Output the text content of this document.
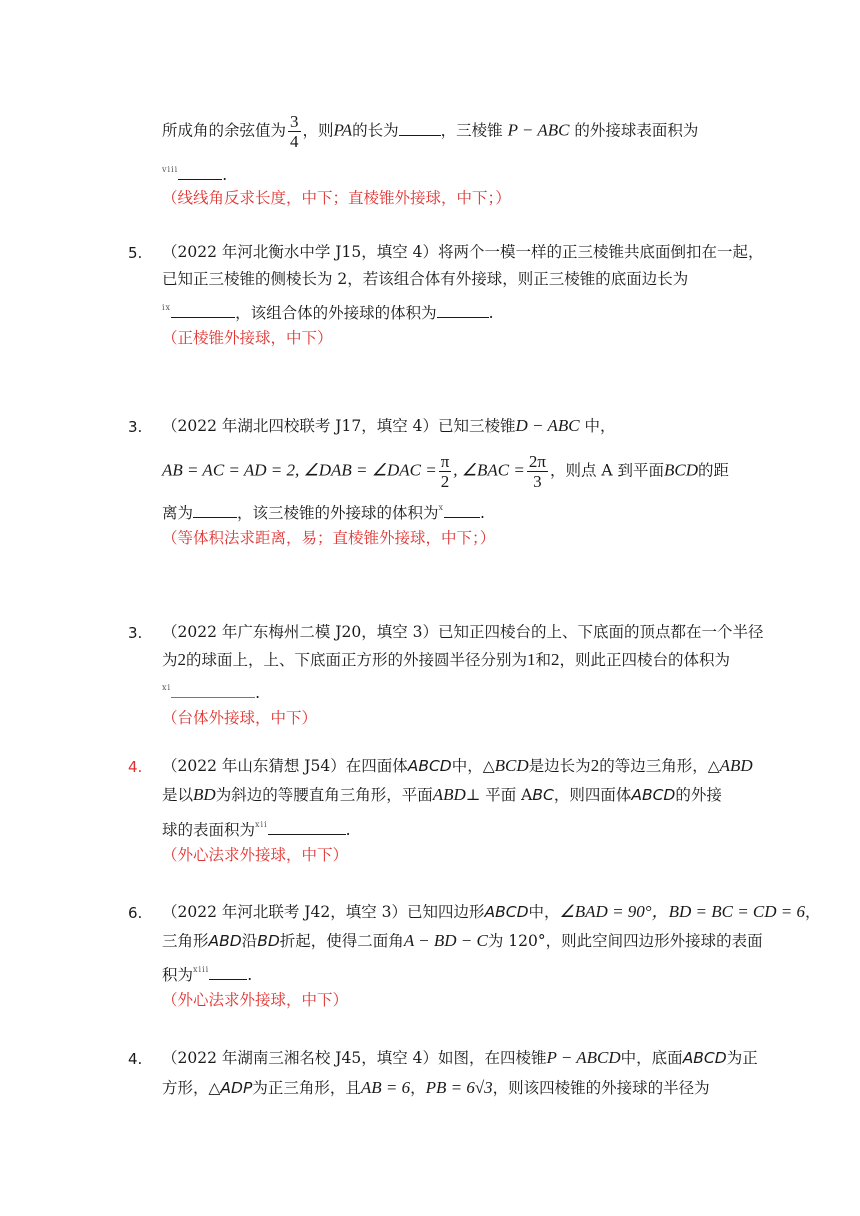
所成角的余弦值为 $\frac{3}{4}$ ，则PA的长为	，三棱锥 P − ABC 的外接球表面积为
$^{viii}$	.
（线线角反求长度，中下；直棱锥外接球，中下；）
5. （2022 年河北衡水中学 J15，填空 4）将两个一模一样的正三棱锥共底面倒扣在一起，
已知正三棱锥的侧棱长为 2，若该组合体有外接球，则正三棱锥的底面边长为
$^{ix}$	，该组合体的外接球的体积为	.
（正棱锥外接球，中下）
3. （2022 年湖北四校联考 J17，填空 4）已知三棱锥D − ABC 中，
AB = AC = AD = 2, ∠DAB = ∠DAC = $\frac{\pi}{2}$ , ∠BAC = $\frac{2\pi}{3}$ ，则点 A 到平面BCD的距
离为	，该三棱锥的外接球的体积为$^x$ .
（等体积法求距离，易；直棱锥外接球，中下；）
3. （2022 年广东梅州二模 J20，填空 3）已知正四棱台的上、下底面的顶点都在一个半径
为2的球面上，上、下底面正方形的外接圆半径分别为1和2，则此正四棱台的体积为
$^{xi}$	.
（台体外接球，中下）
4. （2022 年山东猜想 J54）在四面体ABCD中，△BCD是边长为2的等边三角形，△ABD
是以BD为斜边的等腰直角三角形，平面ABD⊥ 平面 ABC，则四面体ABCD的外接
球的表面积为$^{xii}$	.
（外心法求外接球，中下）
6. （2022 年河北联考 J42，填空 3）已知四边形ABCD中，∠BAD = 90°，BD = BC = CD = 6，
三角形ABD沿BD折起，使得二面角A − BD − C为 120°，则此空间四边形外接球的表面
积为$^{xiii}$ .
（外心法求外接球，中下）
4. （2022 年湖南三湘名校 J45，填空 4）如图，在四棱锥P − ABCD中，底面ABCD为正
方形，△ADP为正三角形，且AB = 6，PB = 6√3，则该四棱锥的外接球的半径为
